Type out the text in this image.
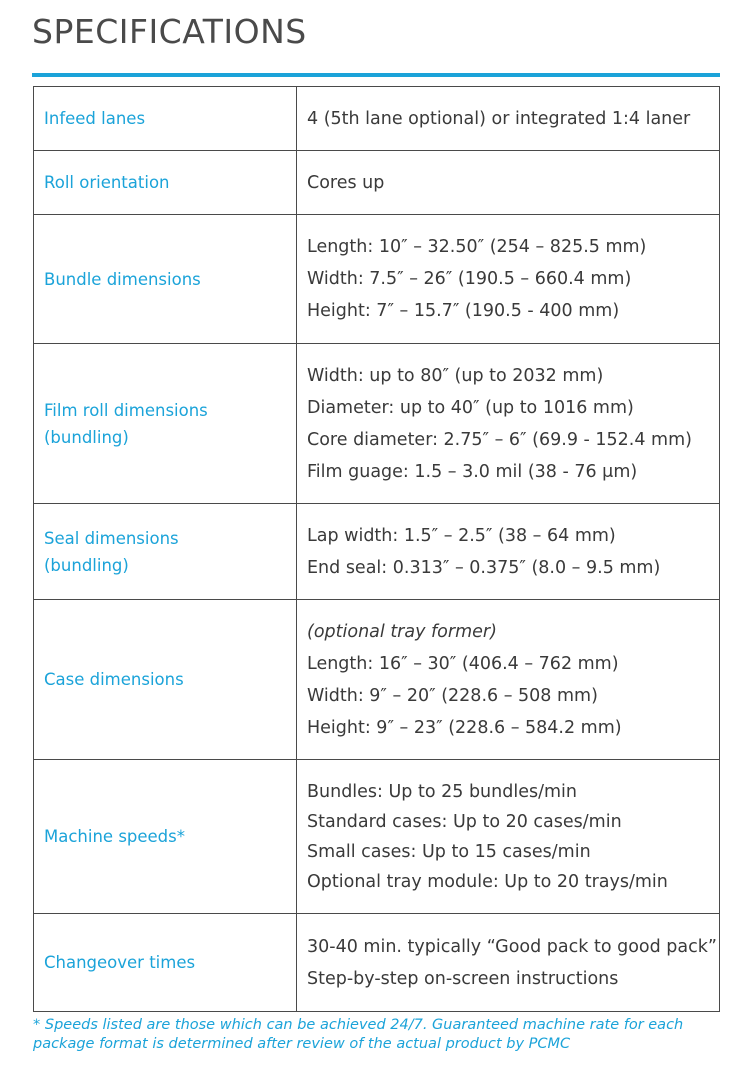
SPECIFICATIONS
Infeed lanes	4 (5th lane optional) or integrated 1:4 laner

Roll orientation	Cores up

Bundle dimensions	Length: 10″ – 32.50″ (254 – 825.5 mm)
Width: 7.5″ – 26″ (190.5 – 660.4 mm)
Height: 7″ – 15.7″ (190.5 - 400 mm)

Film roll dimensions
(bundling)	Width: up to 80″ (up to 2032 mm)
Diameter: up to 40″ (up to 1016 mm)
Core diameter: 2.75″ – 6″ (69.9 - 152.4 mm)
Film guage: 1.5 – 3.0 mil (38 - 76 μm)

Seal dimensions
(bundling)	Lap width: 1.5″ – 2.5″ (38 – 64 mm)
End seal: 0.313″ – 0.375″ (8.0 – 9.5 mm)

Case dimensions	(optional tray former)
Length: 16″ – 30″ (406.4 – 762 mm)
Width: 9″ – 20″ (228.6 – 508 mm)
Height: 9″ – 23″ (228.6 – 584.2 mm)

Machine speeds*	Bundles: Up to 25 bundles/min
Standard cases: Up to 20 cases/min
Small cases: Up to 15 cases/min
Optional tray module: Up to 20 trays/min

Changeover times	30-40 min. typically “Good pack to good pack”
Step-by-step on-screen instructions
* Speeds listed are those which can be achieved 24/7. Guaranteed machine rate for each package format is determined after review of the actual product by PCMC
